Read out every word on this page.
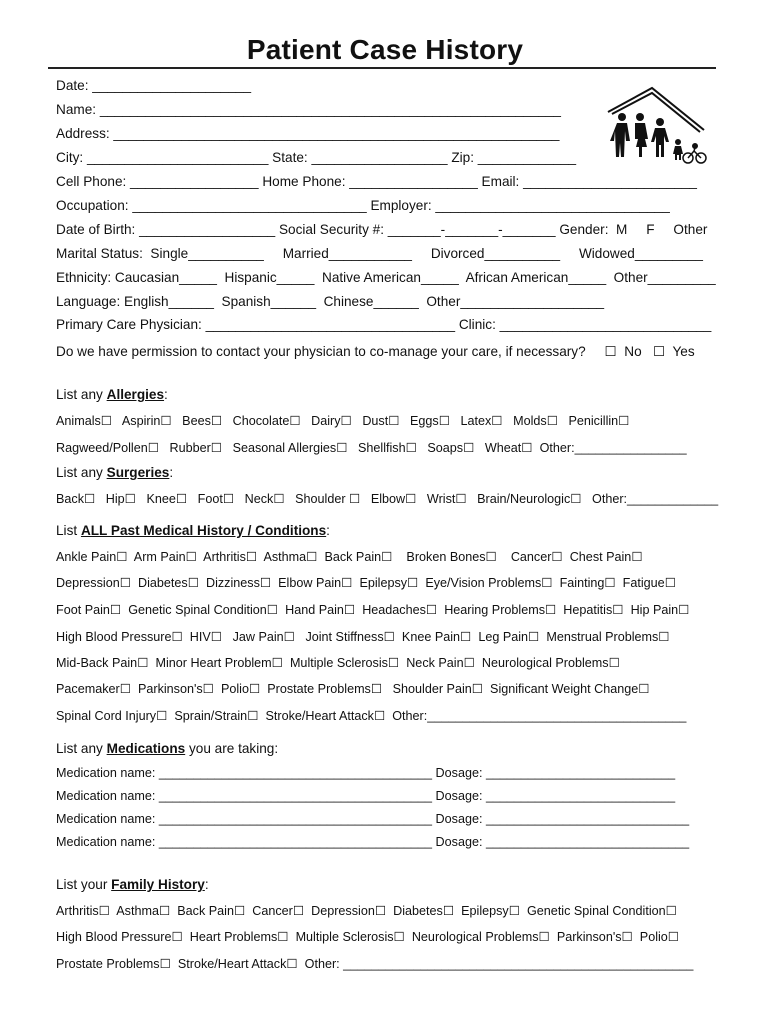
Patient Case History
Date: _____________________
Name: _____________________________________________________________
Address: ___________________________________________________________
City: ________________________ State: __________________ Zip: _____________
Cell Phone: _________________ Home Phone: _________________ Email: _______________________
Occupation: _______________________________ Employer: _______________________________
Date of Birth: __________________ Social Security #: _______-_______-_______ Gender:  M     F     Other
Marital Status:  Single__________     Married___________     Divorced__________     Widowed_________
Ethnicity: Caucasian_____  Hispanic_____  Native American_____  African American_____  Other_________
Language: English______  Spanish______  Chinese______  Other___________________
Primary Care Physician: _________________________________ Clinic: ____________________________
Do we have permission to contact your physician to co-manage your care, if necessary?     ☐  No   ☐  Yes
List any Allergies:
Animals☐   Aspirin☐   Bees☐   Chocolate☐   Dairy☐   Dust☐   Eggs☐   Latex☐   Molds☐   Penicillin☐
Ragweed/Pollen☐   Rubber☐   Seasonal Allergies☐   Shellfish☐   Soaps☐   Wheat☐  Other:________________
List any Surgeries:
Back☐   Hip☐   Knee☐   Foot☐   Neck☐   Shoulder ☐   Elbow☐   Wrist☐   Brain/Neurologic☐   Other:_____________
List ALL Past Medical History / Conditions:
Ankle Pain☐  Arm Pain☐  Arthritis☐  Asthma☐  Back Pain☐    Broken Bones☐    Cancer☐  Chest Pain☐
Depression☐  Diabetes☐  Dizziness☐  Elbow Pain☐  Epilepsy☐  Eye/Vision Problems☐  Fainting☐  Fatigue☐
Foot Pain☐  Genetic Spinal Condition☐  Hand Pain☐  Headaches☐  Hearing Problems☐  Hepatitis☐  Hip Pain☐
High Blood Pressure☐  HIV☐   Jaw Pain☐   Joint Stiffness☐  Knee Pain☐  Leg Pain☐  Menstrual Problems☐
Mid-Back Pain☐  Minor Heart Problem☐  Multiple Sclerosis☐  Neck Pain☐  Neurological Problems☐
Pacemaker☐  Parkinson's☐  Polio☐  Prostate Problems☐   Shoulder Pain☐  Significant Weight Change☐
Spinal Cord Injury☐  Sprain/Strain☐  Stroke/Heart Attack☐  Other:_____________________________________
List any Medications you are taking:
Medication name: _______________________________________ Dosage: ___________________________
Medication name: _______________________________________ Dosage: ___________________________
Medication name: _______________________________________ Dosage: _____________________________
Medication name: _______________________________________ Dosage: _____________________________
List your Family History:
Arthritis☐  Asthma☐  Back Pain☐  Cancer☐  Depression☐  Diabetes☐  Epilepsy☐  Genetic Spinal Condition☐
High Blood Pressure☐  Heart Problems☐  Multiple Sclerosis☐  Neurological Problems☐  Parkinson's☐  Polio☐
Prostate Problems☐  Stroke/Heart Attack☐  Other: __________________________________________________
